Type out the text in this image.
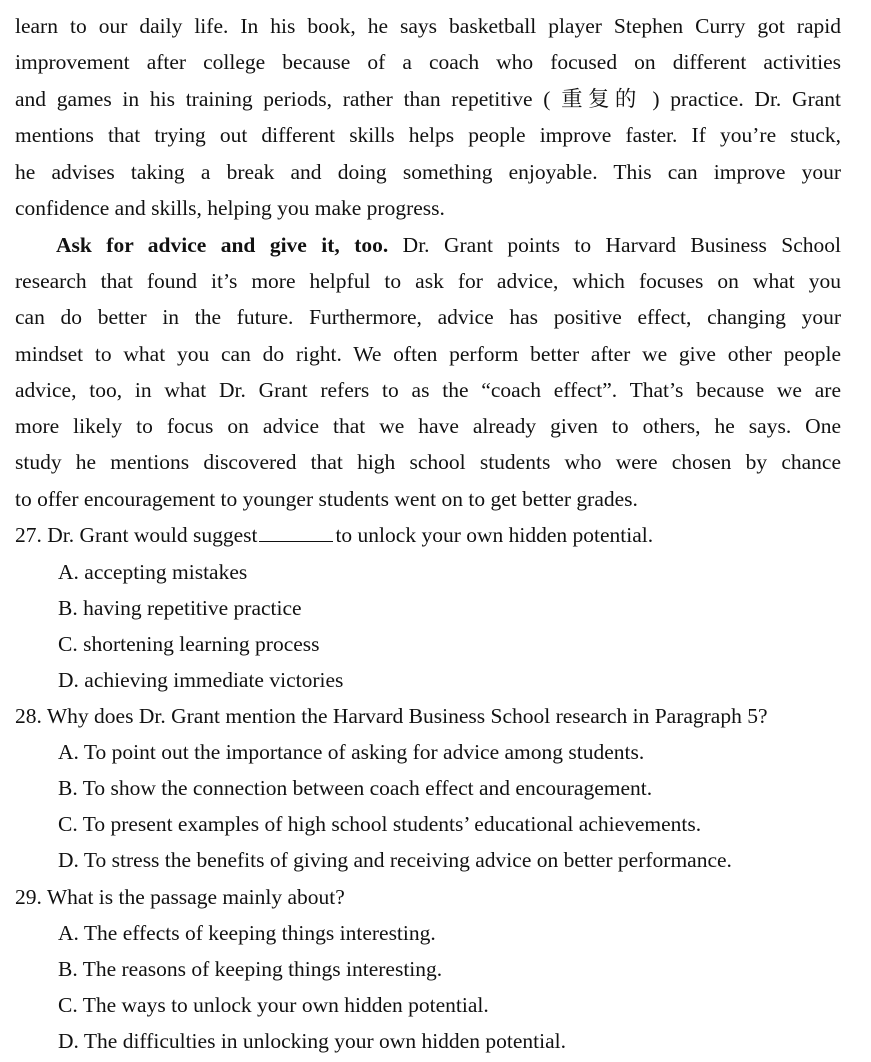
learn to our daily life. In his book, he says basketball player Stephen Curry got rapid
improvement after college because of a coach who focused on different activities
and games in his training periods, rather than repetitive ( 重复的 ) practice. Dr. Grant
mentions that trying out different skills helps people improve faster. If you’re stuck,
he advises taking a break and doing something enjoyable. This can improve your
confidence and skills, helping you make progress.
Ask for advice and give it, too. Dr. Grant points to Harvard Business School
research that found it’s more helpful to ask for advice, which focuses on what you
can do better in the future. Furthermore, advice has positive effect, changing your
mindset to what you can do right. We often perform better after we give other people
advice, too, in what Dr. Grant refers to as the “coach effect”. That’s because we are
more likely to focus on advice that we have already given to others, he says. One
study he mentions discovered that high school students who were chosen by chance
to offer encouragement to younger students went on to get better grades.
27. Dr. Grant would suggest	to unlock your own hidden potential.
A. accepting mistakes
B. having repetitive practice
C. shortening learning process
D. achieving immediate victories
28. Why does Dr. Grant mention the Harvard Business School research in Paragraph 5?
A. To point out the importance of asking for advice among students.
B. To show the connection between coach effect and encouragement.
C. To present examples of high school students’ educational achievements.
D. To stress the benefits of giving and receiving advice on better performance.
29. What is the passage mainly about?
A. The effects of keeping things interesting.
B. The reasons of keeping things interesting.
C. The ways to unlock your own hidden potential.
D. The difficulties in unlocking your own hidden potential.
